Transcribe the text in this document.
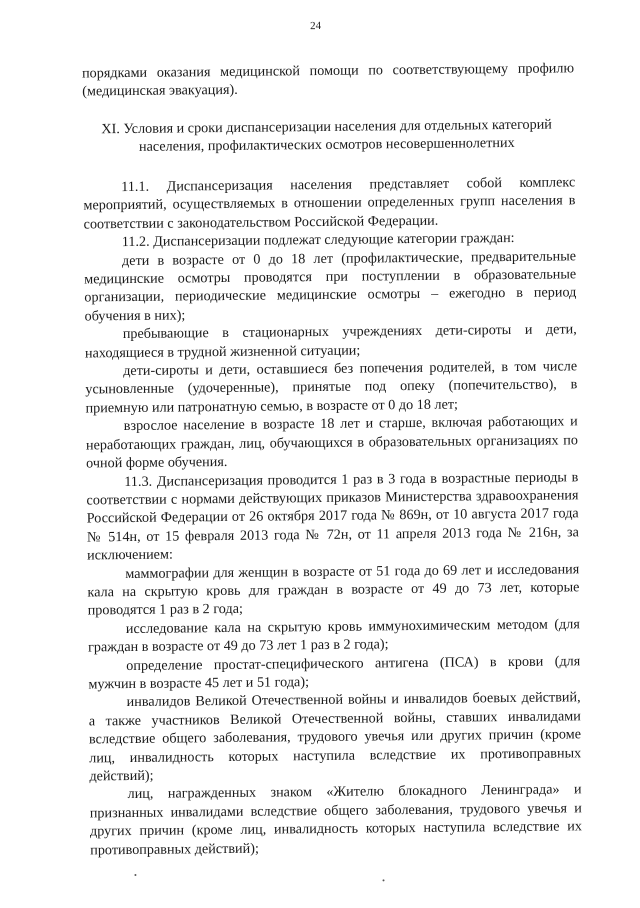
24

порядками оказания медицинской помощи по соответствующему профилю (медицинская эвакуация).

XI. Условия и сроки диспансеризации населения для отдельных категорий населения, профилактических осмотров несовершеннолетних

11.1. Диспансеризация населения представляет собой комплекс мероприятий, осуществляемых в отношении определенных групп населения в соответствии с законодательством Российской Федерации.

11.2. Диспансеризации подлежат следующие категории граждан:

дети в возрасте от 0 до 18 лет (профилактические, предварительные медицинские осмотры проводятся при поступлении в образовательные организации, периодические медицинские осмотры – ежегодно в период обучения в них);

пребывающие в стационарных учреждениях дети-сироты и дети, находящиеся в трудной жизненной ситуации;

дети-сироты и дети, оставшиеся без попечения родителей, в том числе усыновленные (удочеренные), принятые под опеку (попечительство), в приемную или патронатную семью, в возрасте от 0 до 18 лет;

взрослое население в возрасте 18 лет и старше, включая работающих и неработающих граждан, лиц, обучающихся в образовательных организациях по очной форме обучения.

11.3. Диспансеризация проводится 1 раз в 3 года в возрастные периоды в соответствии с нормами действующих приказов Министерства здравоохранения Российской Федерации от 26 октября 2017 года № 869н, от 10 августа 2017 года № 514н, от 15 февраля 2013 года № 72н, от 11 апреля 2013 года № 216н, за исключением:

маммографии для женщин в возрасте от 51 года до 69 лет и исследования кала на скрытую кровь для граждан в возрасте от 49 до 73 лет, которые проводятся 1 раз в 2 года;

исследование кала на скрытую кровь иммунохимическим методом (для граждан в возрасте от 49 до 73 лет 1 раз в 2 года);

определение простат-специфического антигена (ПСА) в крови (для мужчин в возрасте 45 лет и 51 года);

инвалидов Великой Отечественной войны и инвалидов боевых действий, а также участников Великой Отечественной войны, ставших инвалидами вследствие общего заболевания, трудового увечья или других причин (кроме лиц, инвалидность которых наступила вследствие их противоправных действий);

лиц, награжденных знаком «Жителю блокадного Ленинграда» и признанных инвалидами вследствие общего заболевания, трудового увечья и других причин (кроме лиц, инвалидность которых наступила вследствие их противоправных действий);
